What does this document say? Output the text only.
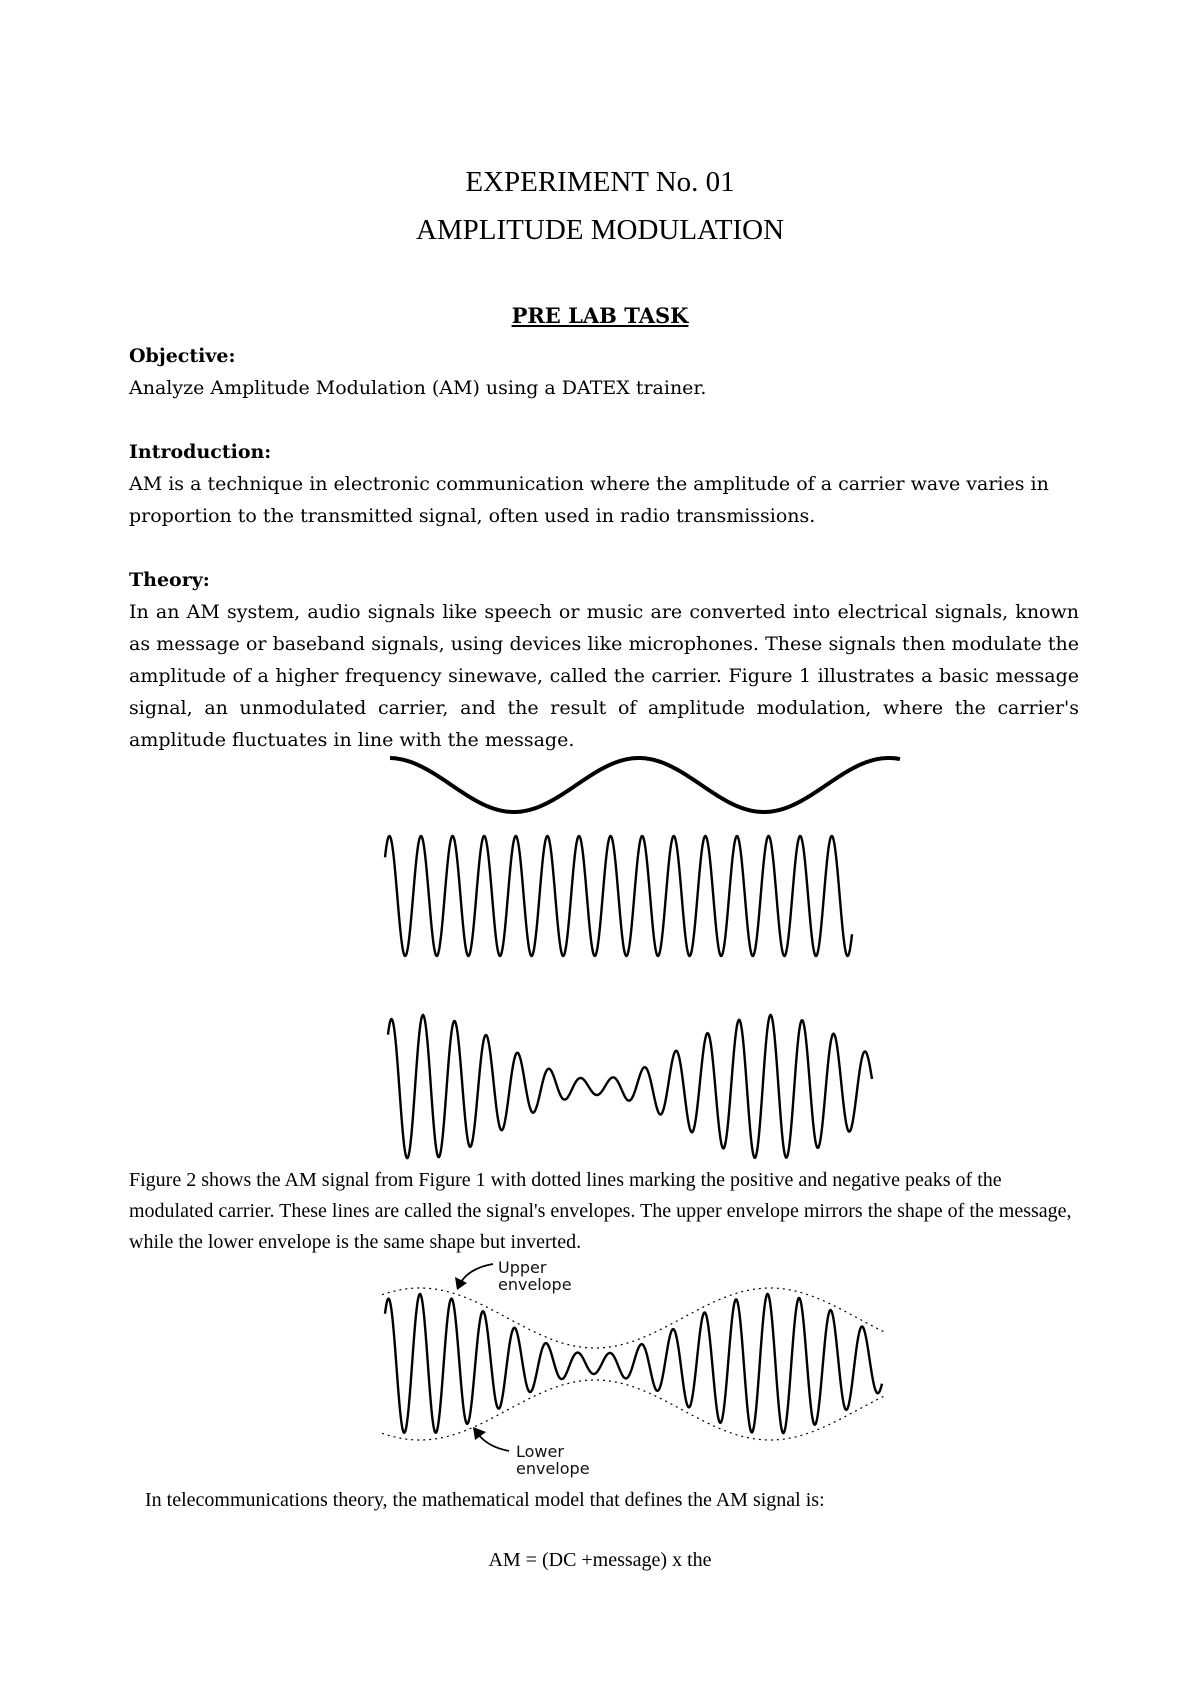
EXPERIMENT No. 01
AMPLITUDE MODULATION
PRE LAB TASK
Objective:
Analyze Amplitude Modulation (AM) using a DATEX trainer.
Introduction:
AM is a technique in electronic communication where the amplitude of a carrier wave varies in proportion to the transmitted signal, often used in radio transmissions.
Theory:
In an AM system, audio signals like speech or music are converted into electrical signals, known as message or baseband signals, using devices like microphones. These signals then modulate the amplitude of a higher frequency sinewave, called the carrier. Figure 1 illustrates a basic message signal, an unmodulated carrier, and the result of amplitude modulation, where the carrier's amplitude fluctuates in line with the message.
Figure 2 shows the AM signal from Figure 1 with dotted lines marking the positive and negative peaks of the modulated carrier. These lines are called the signal's envelopes. The upper envelope mirrors the shape of the message, while the lower envelope is the same shape but inverted.
Upper
envelope
Lower
envelope
In telecommunications theory, the mathematical model that defines the AM signal is:
AM = (DC +message) x the
